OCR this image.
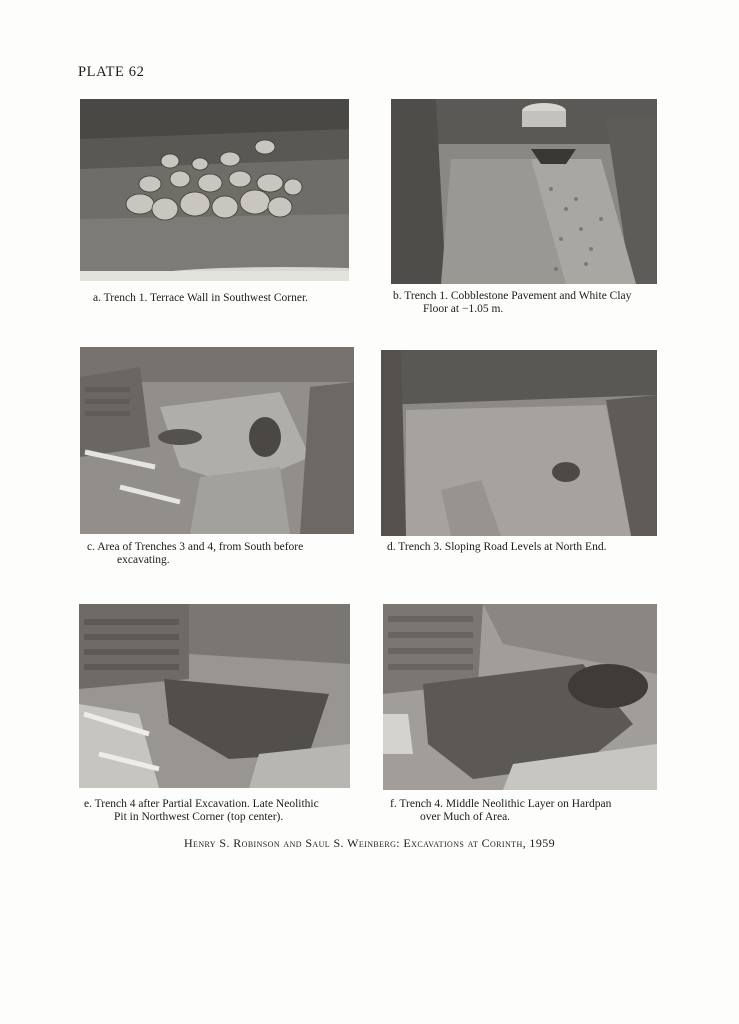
PLATE 62
a. Trench 1. Terrace Wall in Southwest Corner.	b. Trench 1. Cobblestone Pavement and White Clay
Floor at −1.05 m.
c. Area of Trenches 3 and 4, from South before
excavating.
d. Trench 3. Sloping Road Levels at North End.
e. Trench 4 after Partial Excavation. Late Neolithic
Pit in Northwest Corner (top center).
f. Trench 4. Middle Neolithic Layer on Hardpan
over Much of Area.
Henry S. Robinson and Saul S. Weinberg: Excavations at Corinth, 1959
